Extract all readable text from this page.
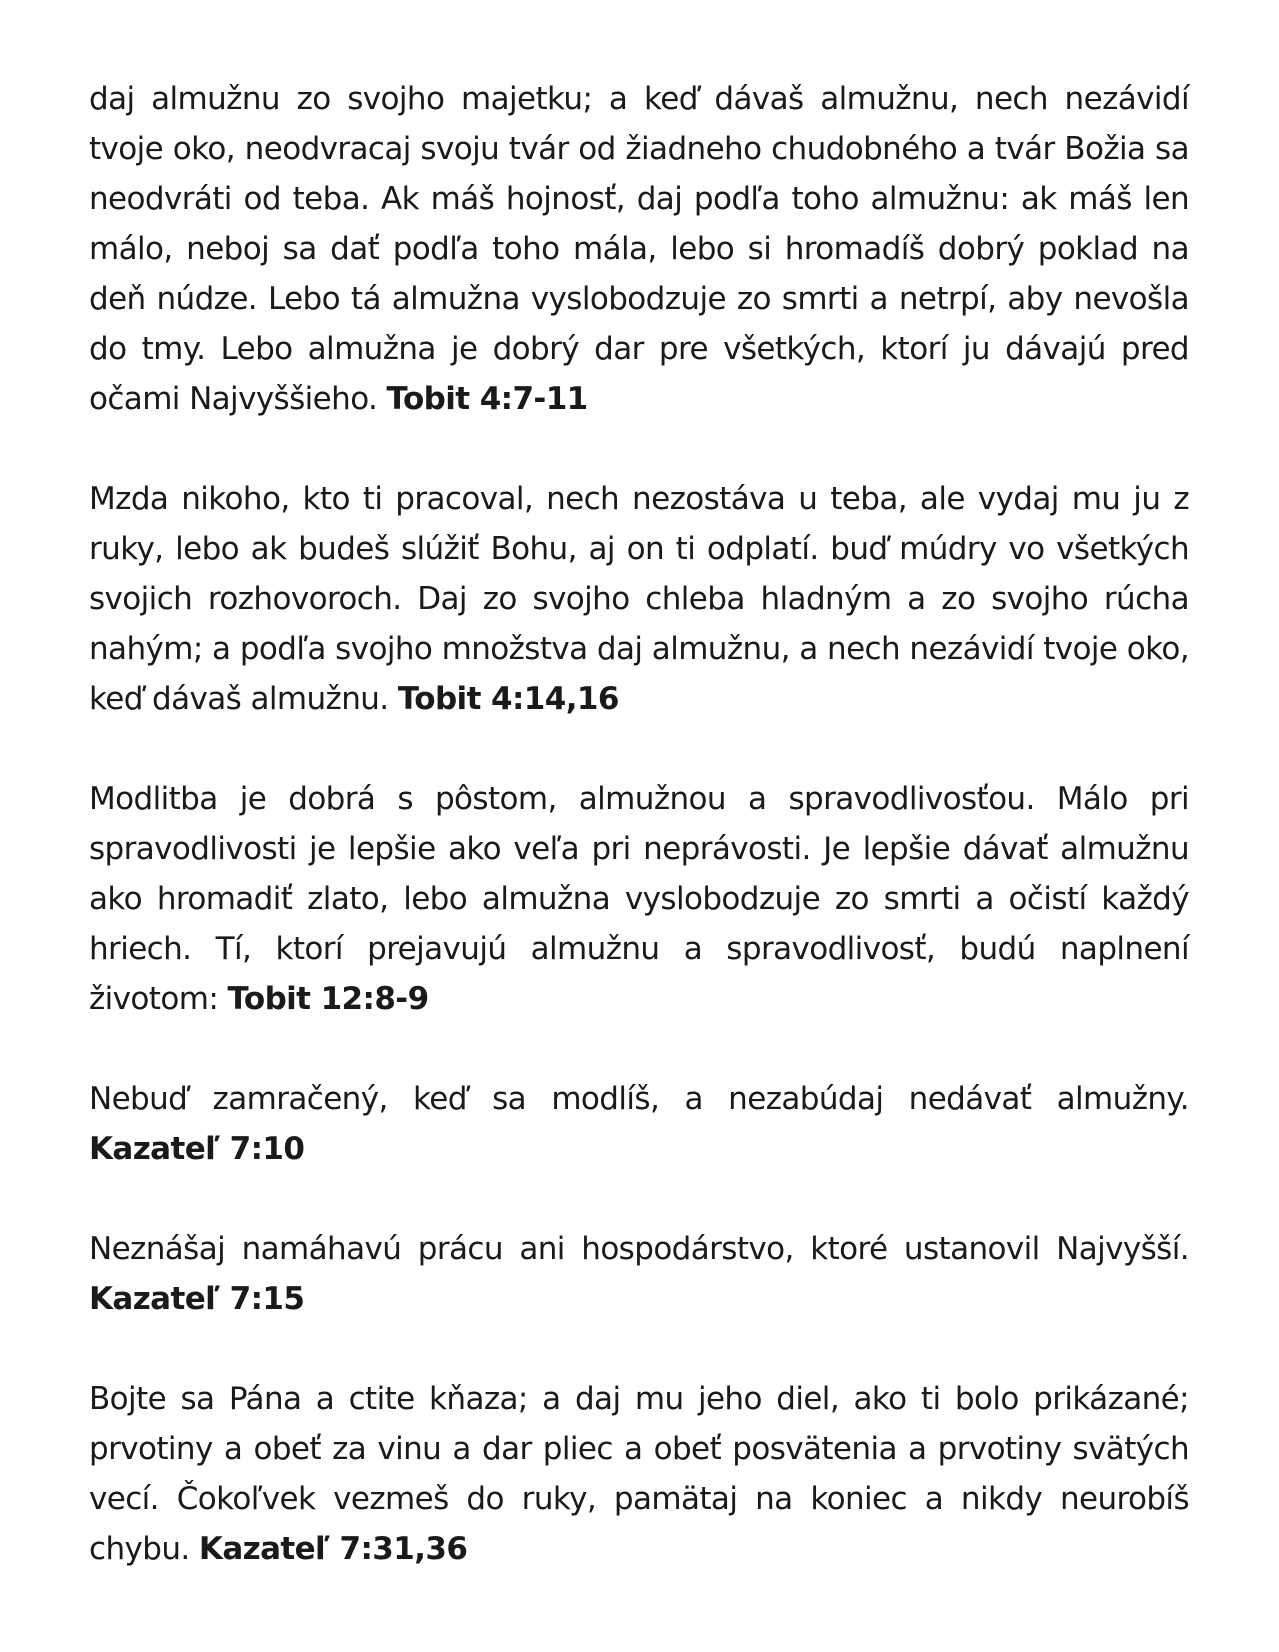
daj almužnu zo svojho majetku; a keď dávaš almužnu, nech nezávidí tvoje oko, neodvracaj svoju tvár od žiadneho chudobného a tvár Božia sa neodvráti od teba. Ak máš hojnosť, daj podľa toho almužnu: ak máš len málo, neboj sa dať podľa toho mála, lebo si hromadíš dobrý poklad na deň núdze. Lebo tá almužna vyslobodzuje zo smrti a netrpí, aby nevošla do tmy. Lebo almužna je dobrý dar pre všetkých, ktorí ju dávajú pred očami Najvyššieho. Tobit 4:7-11

Mzda nikoho, kto ti pracoval, nech nezostáva u teba, ale vydaj mu ju z ruky, lebo ak budeš slúžiť Bohu, aj on ti odplatí. buď múdry vo všetkých svojich rozhovoroch. Daj zo svojho chleba hladným a zo svojho rúcha nahým; a podľa svojho množstva daj almužnu, a nech nezávidí tvoje oko, keď dávaš almužnu. Tobit 4:14,16

Modlitba je dobrá s pôstom, almužnou a spravodlivosťou. Málo pri spravodlivosti je lepšie ako veľa pri neprávosti. Je lepšie dávať almužnu ako hromadiť zlato, lebo almužna vyslobodzuje zo smrti a očistí každý hriech. Tí, ktorí prejavujú almužnu a spravodlivosť, budú naplnení životom: Tobit 12:8-9

Nebuď zamračený, keď sa modlíš, a nezabúdaj nedávať almužny. Kazateľ 7:10

Neznášaj namáhavú prácu ani hospodárstvo, ktoré ustanovil Najvyšší. Kazateľ 7:15

Bojte sa Pána a ctite kňaza; a daj mu jeho diel, ako ti bolo prikázané; prvotiny a obeť za vinu a dar pliec a obeť posvätenia a prvotiny svätých vecí. Čokoľvek vezmeš do ruky, pamätaj na koniec a nikdy neurobíš chybu. Kazateľ 7:31,36
